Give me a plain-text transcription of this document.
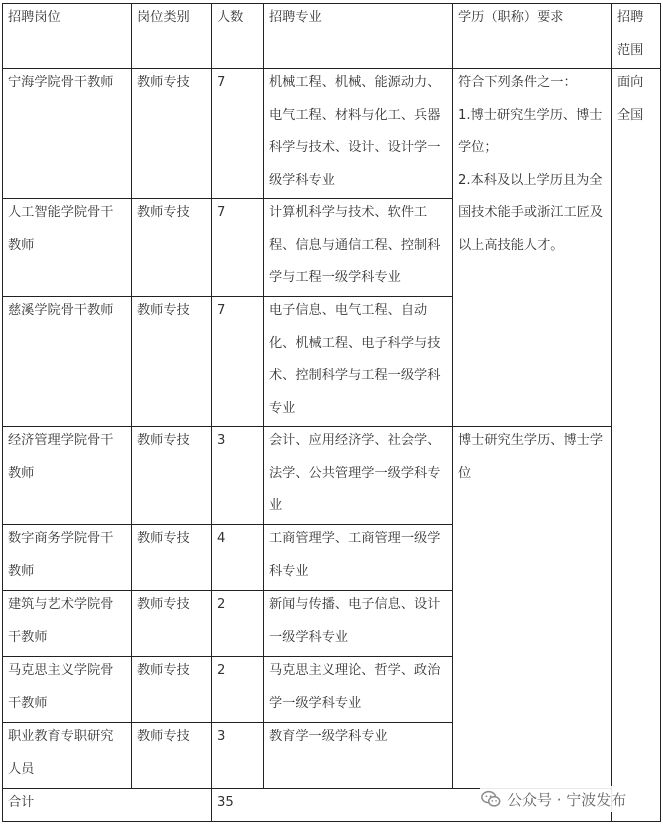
招聘岗位	岗位类别	人数	招聘专业	学历（职称）要求	招聘范围

宁海学院骨干教师	教师专技	7	机械工程、机械、能源动力、电气工程、材料与化工、兵器科学与技术、设计、设计学一级学科专业	符合下列条件之一：
1.博士研究生学历、博士学位；
2.本科及以上学历且为全国技术能手或浙江工匠及以上高技能人才。	面向全国

人工智能学院骨干教师	教师专技	7	计算机科学与技术、软件工程、信息与通信工程、控制科学与工程一级学科专业		

慈溪学院骨干教师	教师专技	7	电子信息、电气工程、自动化、机械工程、电子科学与技术、控制科学与工程一级学科专业		

经济管理学院骨干教师	教师专技	3	会计、应用经济学、社会学、法学、公共管理学一级学科专业	博士研究生学历、博士学位	

数字商务学院骨干教师	教师专技	4	工商管理学、工商管理一级学科专业		

建筑与艺术学院骨干教师	教师专技	2	新闻与传播、电子信息、设计一级学科专业		

马克思主义学院骨干教师	教师专技	2	马克思主义理论、哲学、政治学一级学科专业		

职业教育专职研究人员	教师专技	3	教育学一级学科专业		

合计		35				公众号 · 宁波发布
